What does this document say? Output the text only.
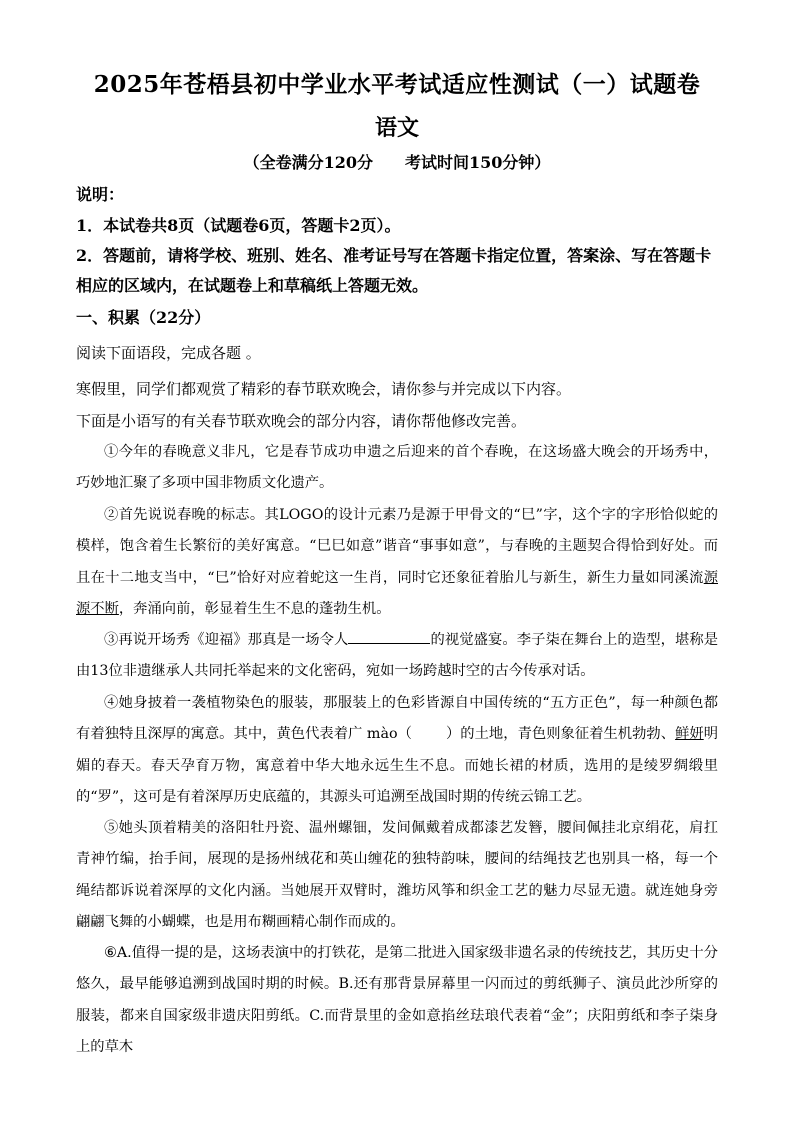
2025年苍梧县初中学业水平考试适应性测试（一）试题卷
语文
（全卷满分120分　　考试时间150分钟）
说明：
1．本试卷共8页（试题卷6页，答题卡2页）。
2．答题前，请将学校、班别、姓名、准考证号写在答题卡指定位置，答案涂、写在答题卡
相应的区域内，在试题卷上和草稿纸上答题无效。
一、积累（22分）
阅读下面语段，完成各题 。
寒假里，同学们都观赏了精彩的春节联欢晚会，请你参与并完成以下内容。
下面是小语写的有关春节联欢晚会的部分内容，请你帮他修改完善。
①今年的春晚意义非凡，它是春节成功申遗之后迎来的首个春晚，在这场盛大晚会的开场秀中，巧妙地汇聚了多项中国非物质文化遗产。
②首先说说春晚的标志。其LOGO的设计元素乃是源于甲骨文的“巳”字，这个字的字形恰似蛇的模样，饱含着生长繁衍的美好寓意。“巳巳如意”谐音“事事如意”，与春晚的主题契合得恰到好处。而且在十二地支当中，“巳”恰好对应着蛇这一生肖，同时它还象征着胎儿与新生，新生力量如同溪流源源不断，奔涌向前，彰显着生生不息的蓬勃生机。
③再说开场秀《迎福》那真是一场令人	的视觉盛宴。李子柒在舞台上的造型，堪称是由13位非遗继承人共同托举起来的文化密码，宛如一场跨越时空的古今传承对话。
④她身披着一袭植物染色的服装，那服装上的色彩皆源自中国传统的“五方正色”，每一种颜色都有着独特且深厚的寓意。其中，黄色代表着广 mào（ ）的土地，青色则象征着生机勃勃、鲜妍明媚的春天。春天孕育万物，寓意着中华大地永远生生不息。而她长裙的材质，选用的是绫罗绸缎里的“罗”，这可是有着深厚历史底蕴的，其源头可追溯至战国时期的传统云锦工艺。
⑤她头顶着精美的洛阳牡丹瓷、温州螺钿，发间佩戴着成都漆艺发簪，腰间佩挂北京绢花，肩扛青神竹编，抬手间，展现的是扬州绒花和英山缠花的独特韵味，腰间的结绳技艺也别具一格，每一个绳结都诉说着深厚的文化内涵。当她展开双臂时，潍坊风筝和织金工艺的魅力尽显无遗。就连她身旁翩翩飞舞的小蝴蝶，也是用布糊画精心制作而成的。
⑥A.值得一提的是，这场表演中的打铁花，是第二批进入国家级非遗名录的传统技艺，其历史十分悠久，最早能够追溯到战国时期的时候。B.还有那背景屏幕里一闪而过的剪纸狮子、演员此沙所穿的服装，都来自国家级非遗庆阳剪纸。C.而背景里的金如意掐丝珐琅代表着“金”；庆阳剪纸和李子柒身上的草木
